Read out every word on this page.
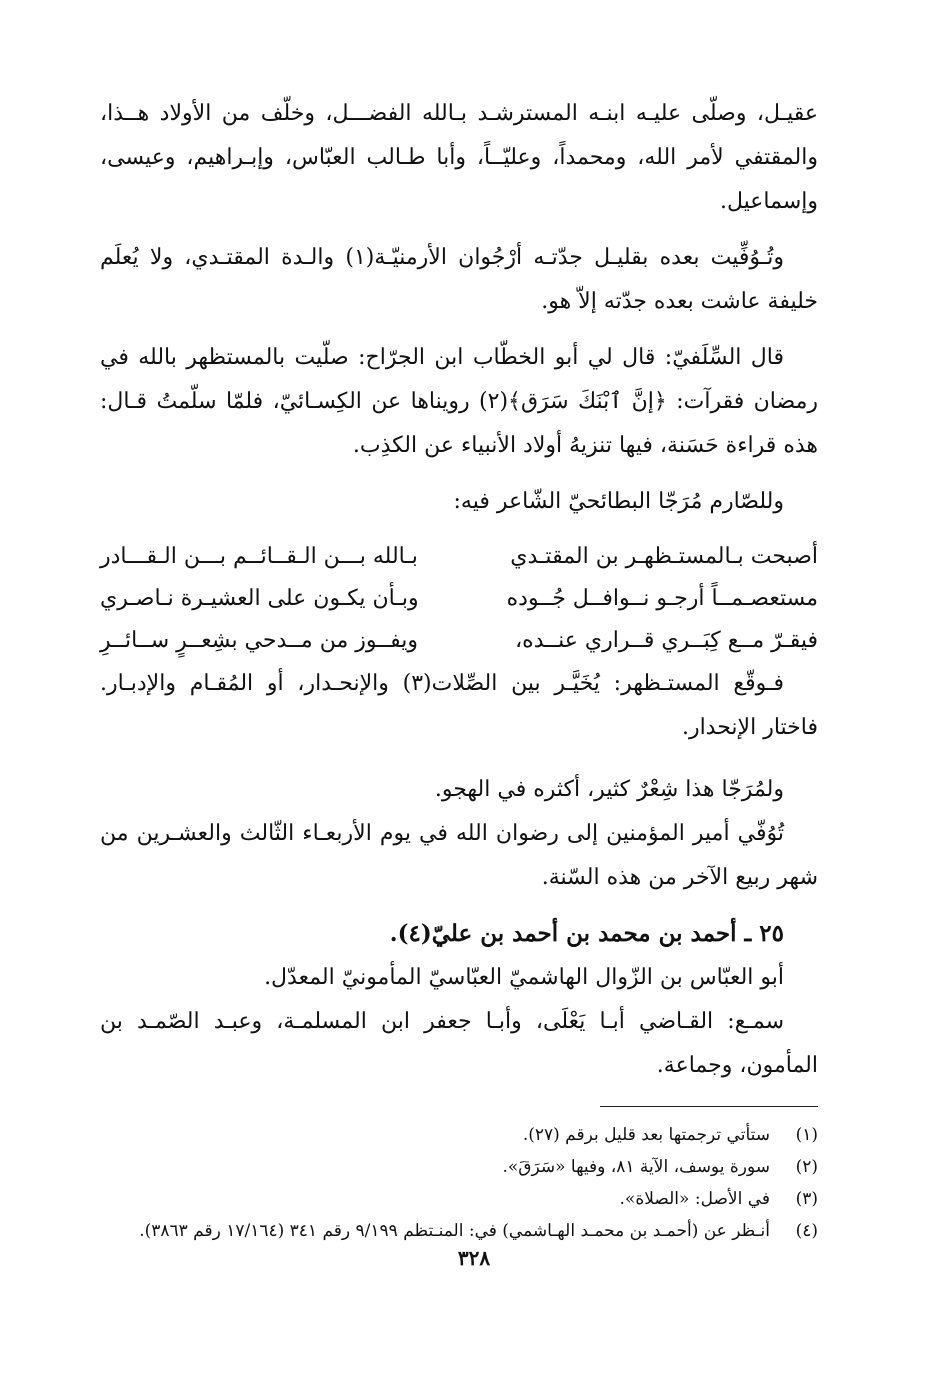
عقيـل، وصلّى عليـه ابنـه المسترشـد بـالله الفضـــل، وخلّف من الأولاد هــذا، والمقتفي لأمر الله، ومحمداً، وعليّــاً، وأبا طـالب العبّاس، وإبـراهيم، وعيسى، وإسماعيل.

وتُـوُفِّيت بعده بقليـل جدّتـه أرْجُوان الأرمنيّـة(١) والـدة المقتـدي، ولا يُعلَم خليفة عاشت بعده جدّته إلاّ هو.

قال السِّلَفيّ: قال لي أبو الخطّاب ابن الجرّاح: صلّيت بالمستظهر بالله في رمضان فقرآت: ﴿إنَّ ٱبْنَكَ سَرَق﴾(٢) رويناها عن الكِسـائيّ، فلمّا سلّمتُ قـال: هذه قراءة حَسَنة، فيها تنزيهُ أولاد الأنبياء عن الكذِب.

وللصّارم مُرَجّا البطائحيّ الشّاعر فيه:

أصبحت بـالمستـظهـر بن المقتـدي
بـالله بـــن الـقــائــم بـــن الـقـــادر
مستعصـمــاً أرجـو نــوافــل جُــوده
وبـأن يكـون على العشيـرة نـاصـري
فيقـرّ مــع كِبَــري قــراري عنــده،
ويفــوز من مــدحي بشِعــرٍ ســائــرِ

فـوقّع المستـظهر: يُخَيَّـر بين الصِّلات(٣) والإنحـدار، أو المُقـام والإدبـار. فاختار الإنحدار.

ولمُرَجّا هذا شِعْرٌ كثير، أكثره في الهجو.

تُوُفّي أمير المؤمنين إلى رضوان الله في يوم الأربعـاء الثّالث والعشـرين من شهر ربيع الآخر من هذه السّنة.

٢٥ ـ أحمد بن محمد بن أحمد بن عليّ(٤).

أبو العبّاس بن الزّوال الهاشميّ العبّاسيّ المأمونيّ المعدّل.

سمـع: القـاضي أبـا يَعْلَى، وأبـا جعفر ابن المسلمـة، وعبـد الصّمـد بن المأمون، وجماعة.

(١)
ستأتي ترجمتها بعد قليل برقم (٢٧).
(٢)
سورة يوسف، الآية ٨١، وفيها «سَرَقَ».
(٣)
في الأصل: «الصلاة».
(٤)
أنـظر عن (أحمـد بن محمـد الهـاشمي) في: المنـتظم ٩/١٩٩ رقم ٣٤١ (١٧/١٦٤ رقم ٣٨٦٣).
٣٢٨
